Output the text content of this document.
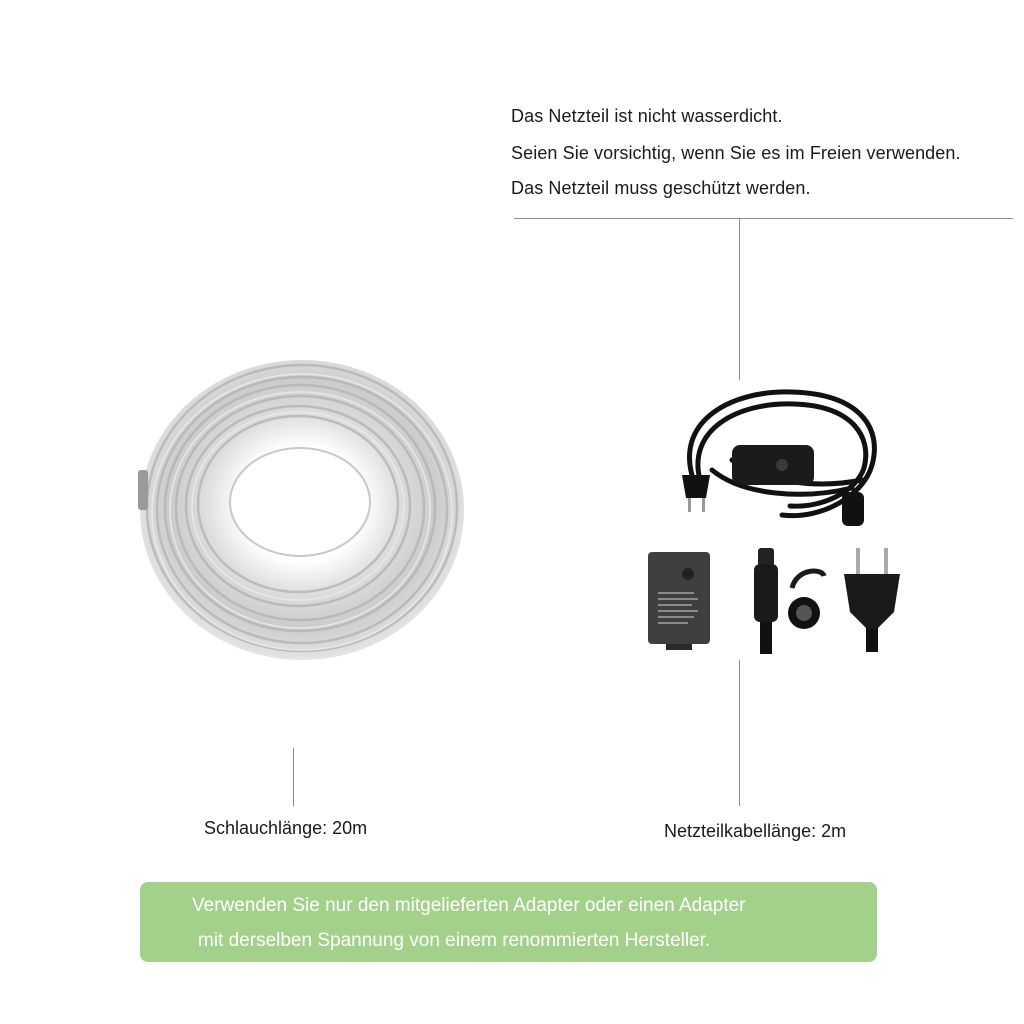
Das Netzteil ist nicht wasserdicht.
Seien Sie vorsichtig, wenn Sie es im Freien verwenden.
Das Netzteil muss geschützt werden.
Schlauchlänge: 20m	Netzteilkabellänge: 2m
Verwenden Sie nur den mitgelieferten Adapter oder einen Adapter
mit derselben Spannung von einem renommierten Hersteller.
